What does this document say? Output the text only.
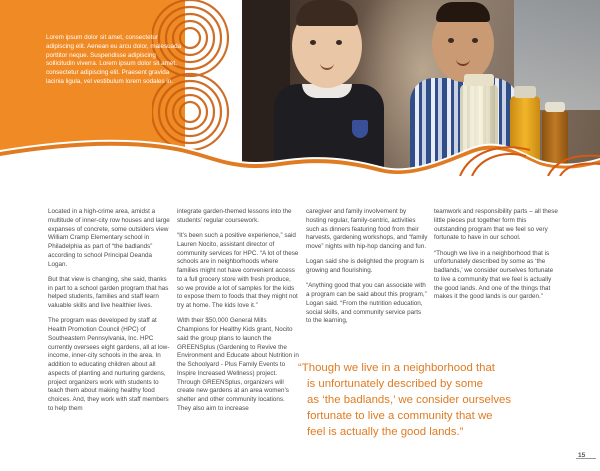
Lorem ipsum dolor sit amet, consectetur adipiscing elit. Aenean eu arcu dolor, malesuada porttitor neque. Suspendisse adipiscing sollicitudin viverra. Lorem ipsum dolor sit amet, consectetur adipiscing elit. Praesent gravida lacinia ligula, vel vestibulum lorem sodales in.

Located in a high-crime area, amidst a multitude of inner-city row houses and large expanses of concrete, some outsiders view William Cramp Elementary school in Philadelphia as part of “the badlands” according to school Principal Deanda Logan.

But that view is changing, she said, thanks in part to a school garden program that has helped students, families and staff learn valuable skills and live healthier lives.

The program was developed by staff at Health Promotion Council (HPC) of Southeastern Pennsylvania, Inc. HPC currently oversees eight gardens, all at low-income, inner-city schools in the area. In addition to educating children about all aspects of planting and nurturing gardens, project organizers work with students to teach them about making healthy food choices. And, they work with staff members to help them

integrate garden-themed lessons into the students’ regular coursework.

“It’s been such a positive experience,” said Lauren Nocito, assistant director of community services for HPC. “A lot of these schools are in neighborhoods where families might not have convenient access to a full grocery store with fresh produce, so we provide a lot of samples for the kids to expose them to foods that they might not try at home. The kids love it.”

With their $50,000 General Mills Champions for Healthy Kids grant, Nocito said the group plans to launch the GREENSplus (Gardening to Revive the Environment and Educate about Nutrition in the Schoolyard - Plus Family Events to Inspire Increased Wellness) project. Through GREENSplus, organizers will create new gardens at an area women’s shelter and other community locations. They also aim to increase

caregiver and family involvement by hosting regular, family-centric, activities such as dinners featuring food from their harvests, gardening workshops, and “family move” nights with hip-hop dancing and fun.

Logan said she is delighted the program is growing and flourishing.

“Anything good that you can associate with a program can be said about this program,” Logan said. “From the nutrition education, social skills, and community service parts to the learning,

teamwork and responsibility parts – all these little pieces put together form this outstanding program that we feel so very fortunate to have in our school.

“Though we live in a neighborhood that is unfortunately described by some as ‘the badlands,’ we consider ourselves fortunate to live a community that we feel is actually the good lands. And one of the things that makes it the good lands is our garden.”

“Though we live in a neighborhood that
is unfortunately described by some
as ‘the badlands,’ we consider ourselves
fortunate to live a community that we
feel is actually the good lands.”

15
